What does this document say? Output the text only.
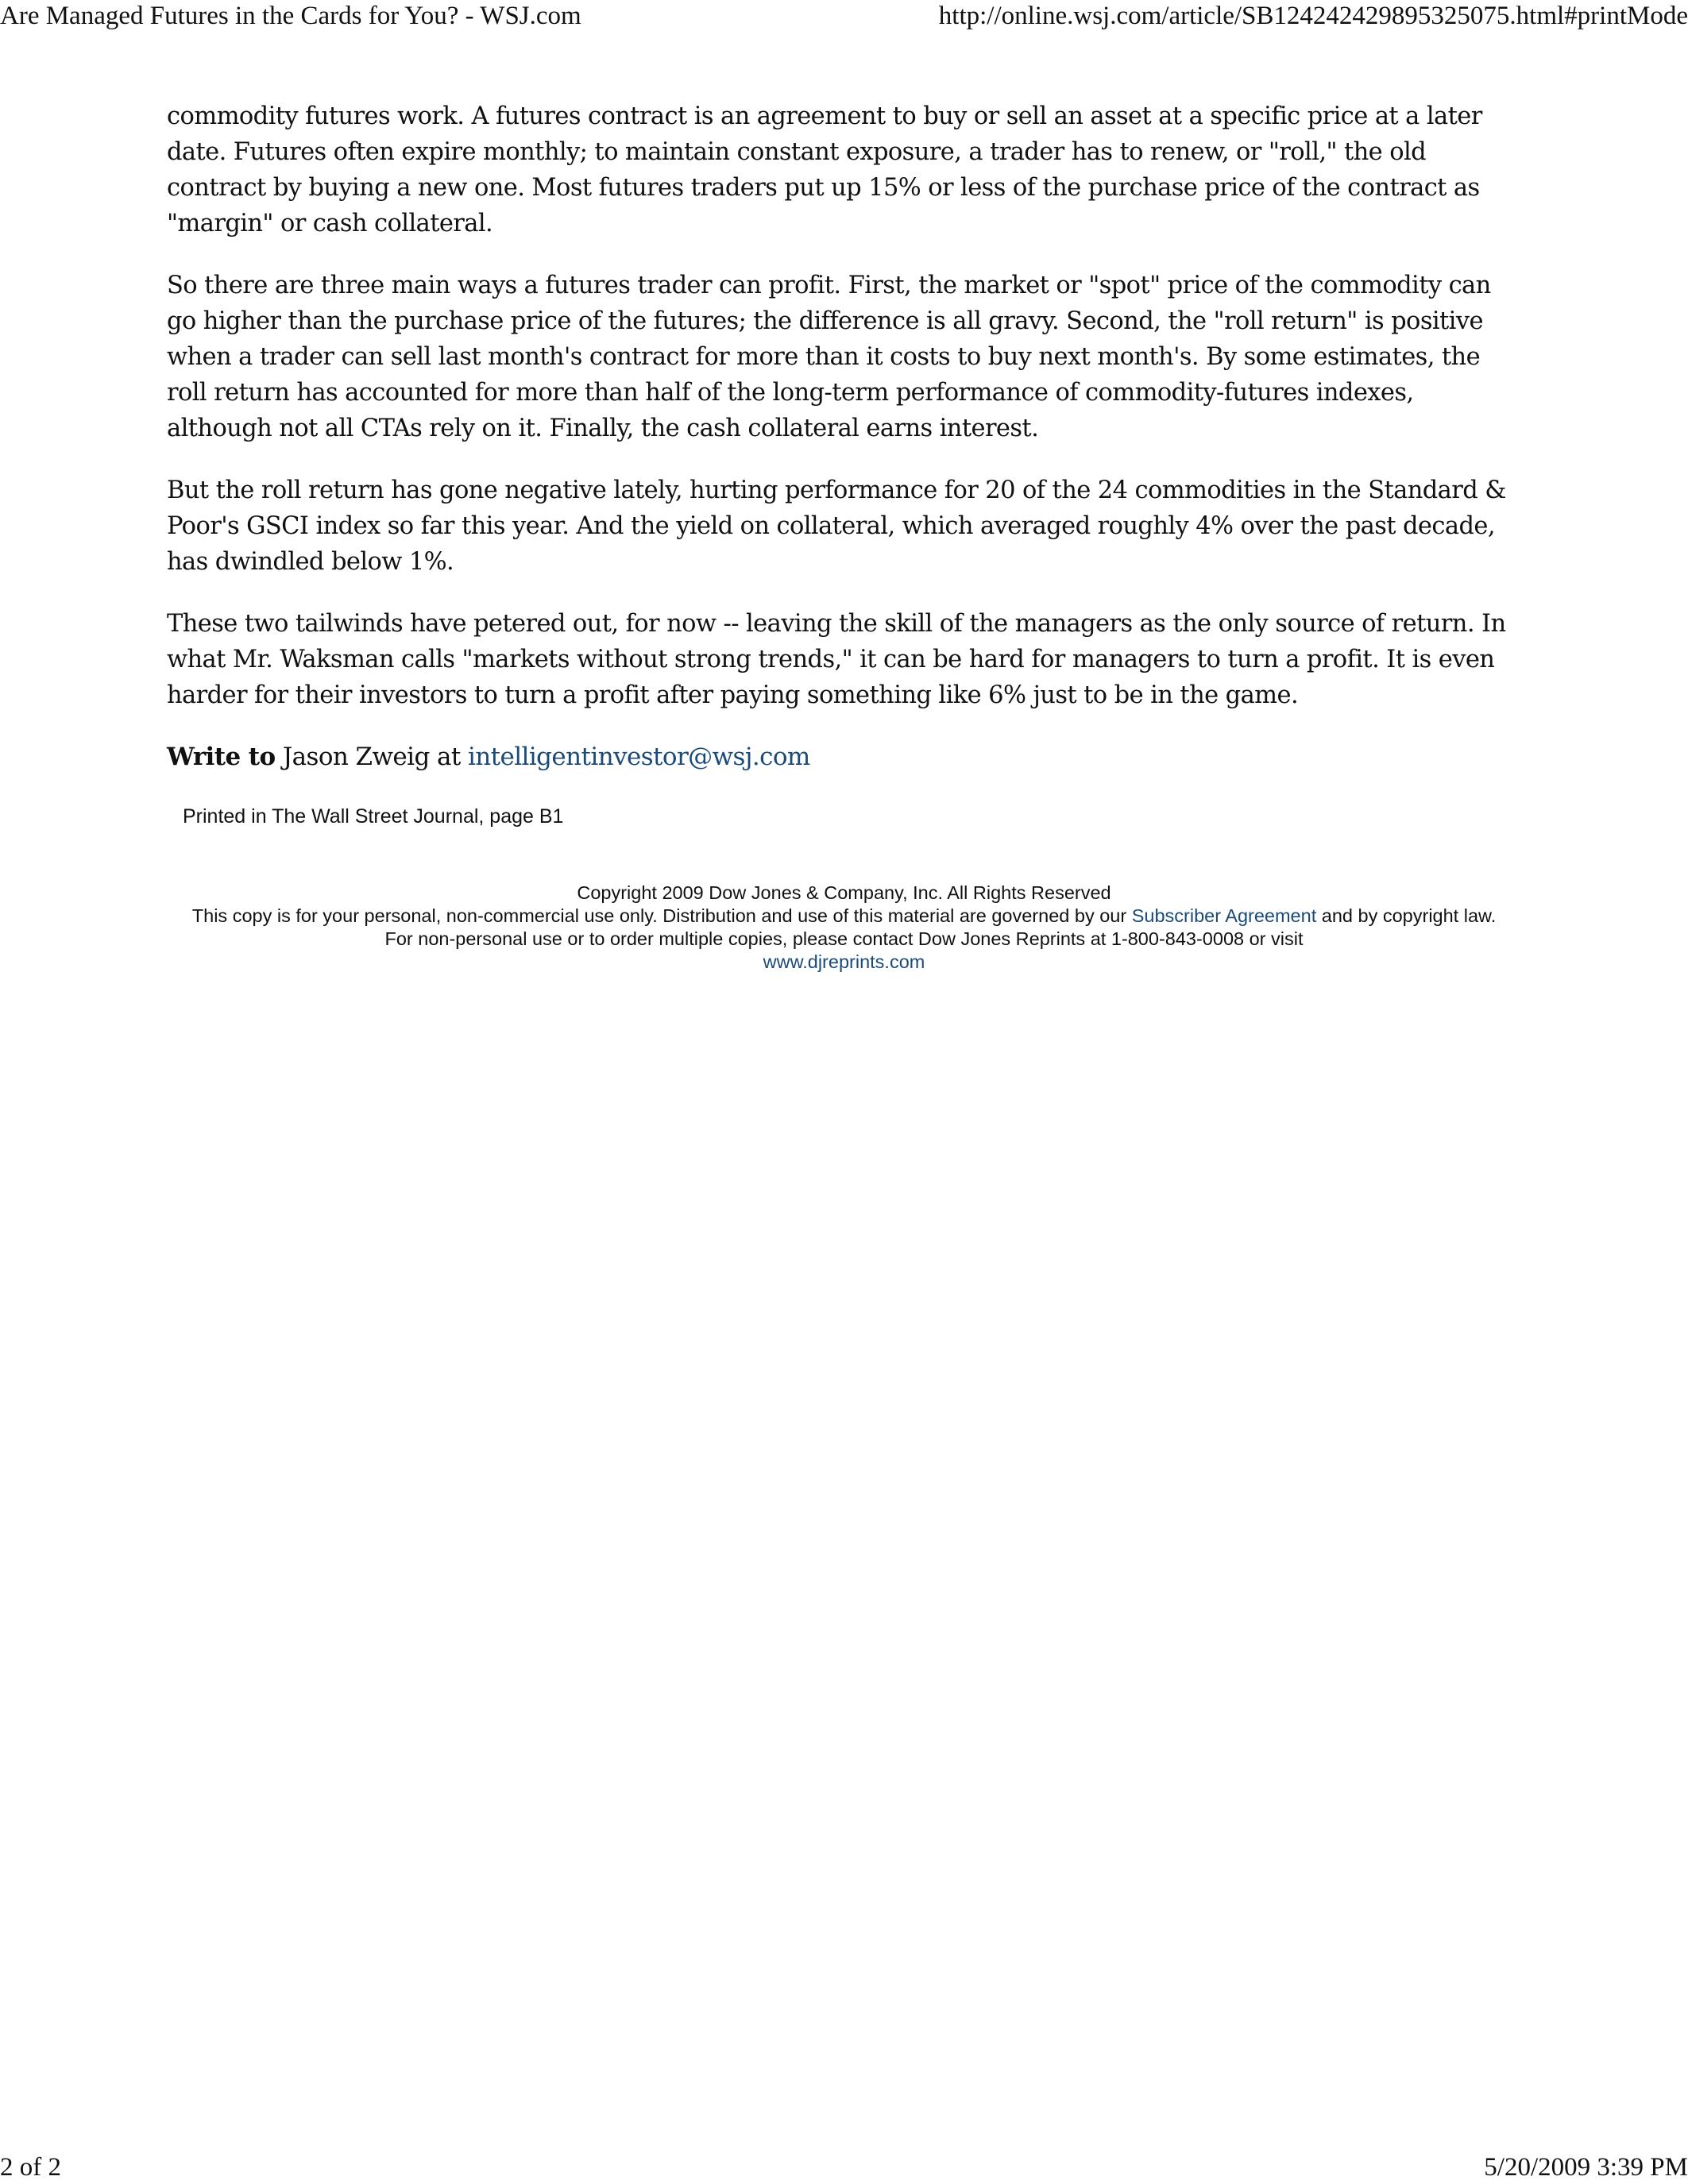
Are Managed Futures in the Cards for You? - WSJ.com	http://online.wsj.com/article/SB124242429895325075.html#printMode

commodity futures work. A futures contract is an agreement to buy or sell an asset at a specific price at a later date. Futures often expire monthly; to maintain constant exposure, a trader has to renew, or "roll," the old contract by buying a new one. Most futures traders put up 15% or less of the purchase price of the contract as "margin" or cash collateral.

So there are three main ways a futures trader can profit. First, the market or "spot" price of the commodity can go higher than the purchase price of the futures; the difference is all gravy. Second, the "roll return" is positive when a trader can sell last month's contract for more than it costs to buy next month's. By some estimates, the roll return has accounted for more than half of the long-term performance of commodity-futures indexes, although not all CTAs rely on it. Finally, the cash collateral earns interest.

But the roll return has gone negative lately, hurting performance for 20 of the 24 commodities in the Standard & Poor's GSCI index so far this year. And the yield on collateral, which averaged roughly 4% over the past decade, has dwindled below 1%.

These two tailwinds have petered out, for now -- leaving the skill of the managers as the only source of return. In what Mr. Waksman calls "markets without strong trends," it can be hard for managers to turn a profit. It is even harder for their investors to turn a profit after paying something like 6% just to be in the game.

Write to Jason Zweig at intelligentinvestor@wsj.com
Printed in The Wall Street Journal, page B1
Copyright 2009 Dow Jones & Company, Inc. All Rights Reserved
This copy is for your personal, non-commercial use only. Distribution and use of this material are governed by our Subscriber Agreement and by copyright law.
For non-personal use or to order multiple copies, please contact Dow Jones Reprints at 1-800-843-0008 or visit
www.djreprints.com
2 of 2	5/20/2009 3:39 PM
